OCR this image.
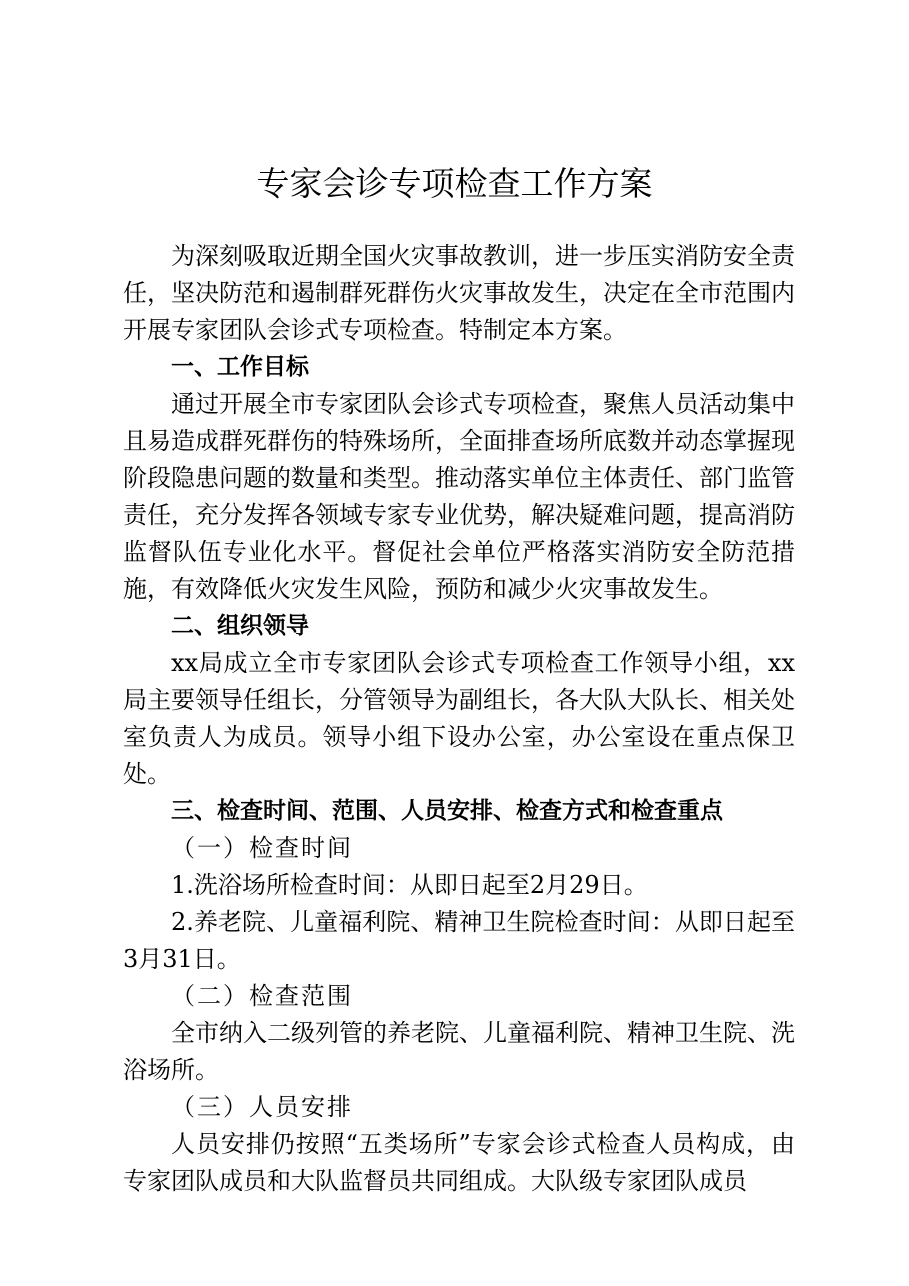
专家会诊专项检查工作方案

为深刻吸取近期全国火灾事故教训，进一步压实消防安全责任，坚决防范和遏制群死群伤火灾事故发生，决定在全市范围内开展专家团队会诊式专项检查。特制定本方案。

一、工作目标

通过开展全市专家团队会诊式专项检查，聚焦人员活动集中且易造成群死群伤的特殊场所，全面排查场所底数并动态掌握现阶段隐患问题的数量和类型。推动落实单位主体责任、部门监管责任，充分发挥各领域专家专业优势，解决疑难问题，提高消防监督队伍专业化水平。督促社会单位严格落实消防安全防范措施，有效降低火灾发生风险，预防和减少火灾事故发生。

二、组织领导

xx局成立全市专家团队会诊式专项检查工作领导小组，xx局主要领导任组长，分管领导为副组长，各大队大队长、相关处室负责人为成员。领导小组下设办公室，办公室设在重点保卫处。

三、检查时间、范围、人员安排、检查方式和检查重点

（一）检查时间

1.洗浴场所检查时间：从即日起至2月29日。

2.养老院、儿童福利院、精神卫生院检查时间：从即日起至3月31日。

（二）检查范围

全市纳入二级列管的养老院、儿童福利院、精神卫生院、洗浴场所。

（三）人员安排

人员安排仍按照“五类场所”专家会诊式检查人员构成，由专家团队成员和大队监督员共同组成。大队级专家团队成员
